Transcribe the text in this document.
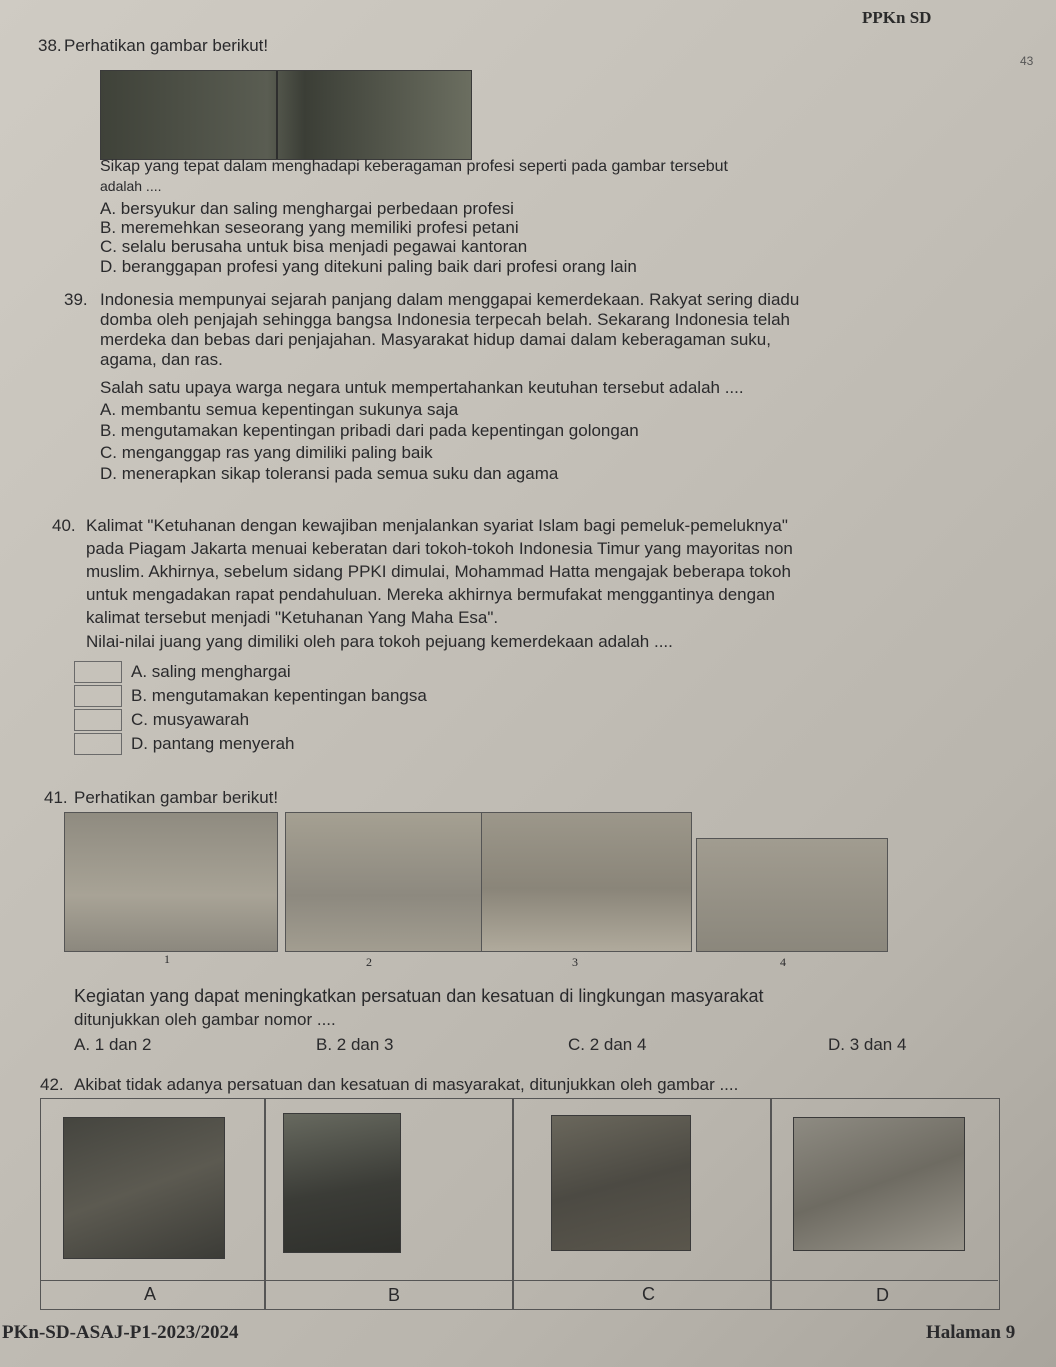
PPKn SD
43
38. Perhatikan gambar berikut!
Sikap yang tepat dalam menghadapi keberagaman profesi seperti pada gambar tersebut
adalah ....
A. bersyukur dan saling menghargai perbedaan profesi
B. meremehkan seseorang yang memiliki profesi petani
C. selalu berusaha untuk bisa menjadi pegawai kantoran
D. beranggapan profesi yang ditekuni paling baik dari profesi orang lain
39. Indonesia mempunyai sejarah panjang dalam menggapai kemerdekaan. Rakyat sering diadu
domba oleh penjajah sehingga bangsa Indonesia terpecah belah. Sekarang Indonesia telah
merdeka dan bebas dari penjajahan. Masyarakat hidup damai dalam keberagaman suku,
agama, dan ras.
Salah satu upaya warga negara untuk mempertahankan keutuhan tersebut adalah ....
A. membantu semua kepentingan sukunya saja
B. mengutamakan kepentingan pribadi dari pada kepentingan golongan
C. menganggap ras yang dimiliki paling baik
D. menerapkan sikap toleransi pada semua suku dan agama
40. Kalimat "Ketuhanan dengan kewajiban menjalankan syariat Islam bagi pemeluk-pemeluknya"
pada Piagam Jakarta menuai keberatan dari tokoh-tokoh Indonesia Timur yang mayoritas non
muslim. Akhirnya, sebelum sidang PPKI dimulai, Mohammad Hatta mengajak beberapa tokoh
untuk mengadakan rapat pendahuluan. Mereka akhirnya bermufakat menggantinya dengan
kalimat tersebut menjadi "Ketuhanan Yang Maha Esa".
Nilai-nilai juang yang dimiliki oleh para tokoh pejuang kemerdekaan adalah ....
A. saling menghargai
B. mengutamakan kepentingan bangsa
C. musyawarah
D. pantang menyerah
41. Perhatikan gambar berikut!
1	2	3	4
Kegiatan yang dapat meningkatkan persatuan dan kesatuan di lingkungan masyarakat
ditunjukkan oleh gambar nomor ....
A. 1 dan 2	B. 2 dan 3	C. 2 dan 4	D. 3 dan 4
42. Akibat tidak adanya persatuan dan kesatuan di masyarakat, ditunjukkan oleh gambar ....
A	B	C	D
PKn-SD-ASAJ-P1-2023/2024	Halaman 9
